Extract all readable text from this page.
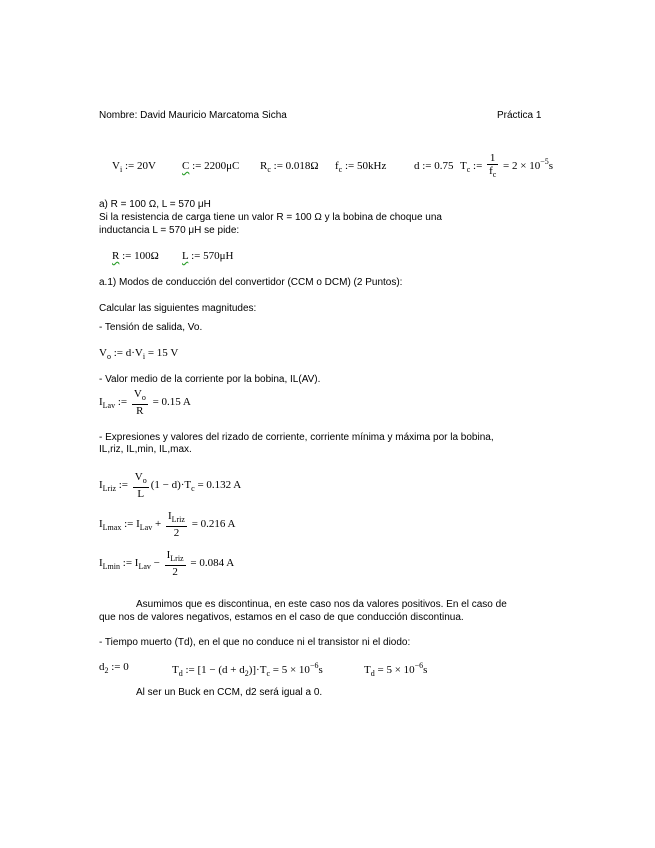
Nombre: David Mauricio Marcatoma Sicha	Práctica 1
$V_i$ := 20V C := 2200μC $R_c$ := 0.018Ω $f_c$ := 50kHz	d := 0.75 $T_c$ := $\frac{1}{f_c} = 2 \times 10^{-5}s$
a) R = 100 Ω, L = 570 μH
Si la resistencia de carga tiene un valor R = 100 Ω y la bobina de choque una
inductancia L = 570 μH se pide:
R := 100Ω L := 570μH
a.1) Modos de conducción del convertidor (CCM o DCM) (2 Puntos):
Calcular las siguientes magnitudes:
- Tensión de salida, Vo.
$V_o$ := $d\cdot V_i = 15$ V
- Valor medio de la corriente por la bobina, IL(AV).
$I_{Lav}$ := $\frac{V_o}{R} = 0.15$ A
- Expresiones y valores del rizado de corriente, corriente mínima y máxima por la bobina,
IL,riz, IL,min, IL,max.
$I_{Lriz}$ := $\frac{V_o}{L} (1 - d)\cdot T_c = 0.132$ A
$I_{Lmax}$ := $I_{Lav} + \frac{I_{Lriz}}{2} = 0.216$ A
$I_{Lmin}$ := $I_{Lav} - \frac{I_{Lriz}}{2} = 0.084$ A
Asumimos que es discontinua, en este caso nos da valores positivos. En el caso de
que nos de valores negativos, estamos en el caso de que conducción discontinua.
- Tiempo muerto (Td), en el que no conduce ni el transistor ni el diodo:
$d_2$ := 0	$T_d$ := $[1 - (d + d_2)]\cdot T_c = 5 \times 10^{-6}s$	$T_d = 5 \times 10^{-6}s$
Al ser un Buck en CCM, d2 será igual a 0.
